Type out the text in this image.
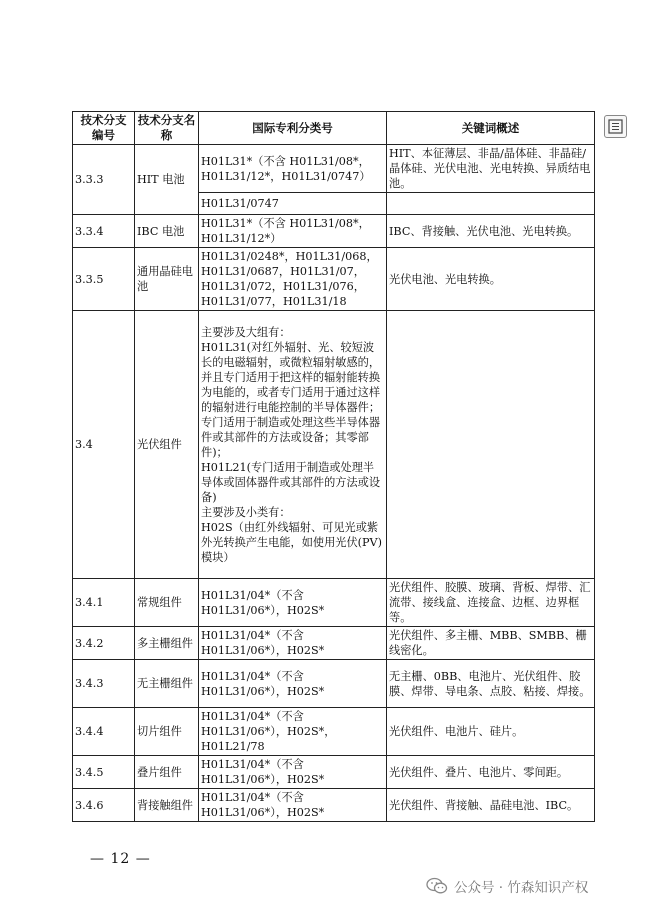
技术分支编号	技术分支名称	国际专利分类号	关键词概述
3.3.3	HIT 电池	H01L31*（不含 H01L31/08*，H01L31/12*，H01L31/0747）	HIT、本征薄层、非晶/晶体硅、非晶硅/晶体硅、光伏电池、光电转换、异质结电池。
		H01L31/0747	
3.3.4	IBC 电池	H01L31*（不含 H01L31/08*，H01L31/12*）	IBC、背接触、光伏电池、光电转换。
3.3.5	通用晶硅电池	H01L31/0248*，H01L31/068，H01L31/0687，H01L31/07，H01L31/072，H01L31/076，H01L31/077，H01L31/18	光伏电池、光电转换。
3.4	光伏组件	主要涉及大组有：
H01L31(对红外辐射、光、较短波长的电磁辐射，或微粒辐射敏感的，并且专门适用于把这样的辐射能转换为电能的，或者专门适用于通过这样的辐射进行电能控制的半导体器件；专门适用于制造或处理这些半导体器件或其部件的方法或设备；其零部件)；
H01L21(专门适用于制造或处理半导体或固体器件或其部件的方法或设备)
主要涉及小类有：
H02S（由红外线辐射、可见光或紫外光转换产生电能，如使用光伏(PV)模块）	
3.4.1	常规组件	H01L31/04*（不含H01L31/06*），H02S*	光伏组件、胶膜、玻璃、背板、焊带、汇流带、接线盒、连接盒、边框、边界框等。
3.4.2	多主栅组件	H01L31/04*（不含H01L31/06*），H02S*	光伏组件、多主栅、MBB、SMBB、栅线密化。
3.4.3	无主栅组件	H01L31/04*（不含H01L31/06*），H02S*	无主栅、0BB、电池片、光伏组件、胶膜、焊带、导电条、点胶、粘接、焊接。
3.4.4	切片组件	H01L31/04*（不含H01L31/06*），H02S*，H01L21/78	光伏组件、电池片、硅片。
3.4.5	叠片组件	H01L31/04*（不含H01L31/06*），H02S*	光伏组件、叠片、电池片、零间距。
3.4.6	背接触组件	H01L31/04*（不含H01L31/06*），H02S*	光伏组件、背接触、晶硅电池、IBC。
— 12 —
公众号 · 竹森知识产权
